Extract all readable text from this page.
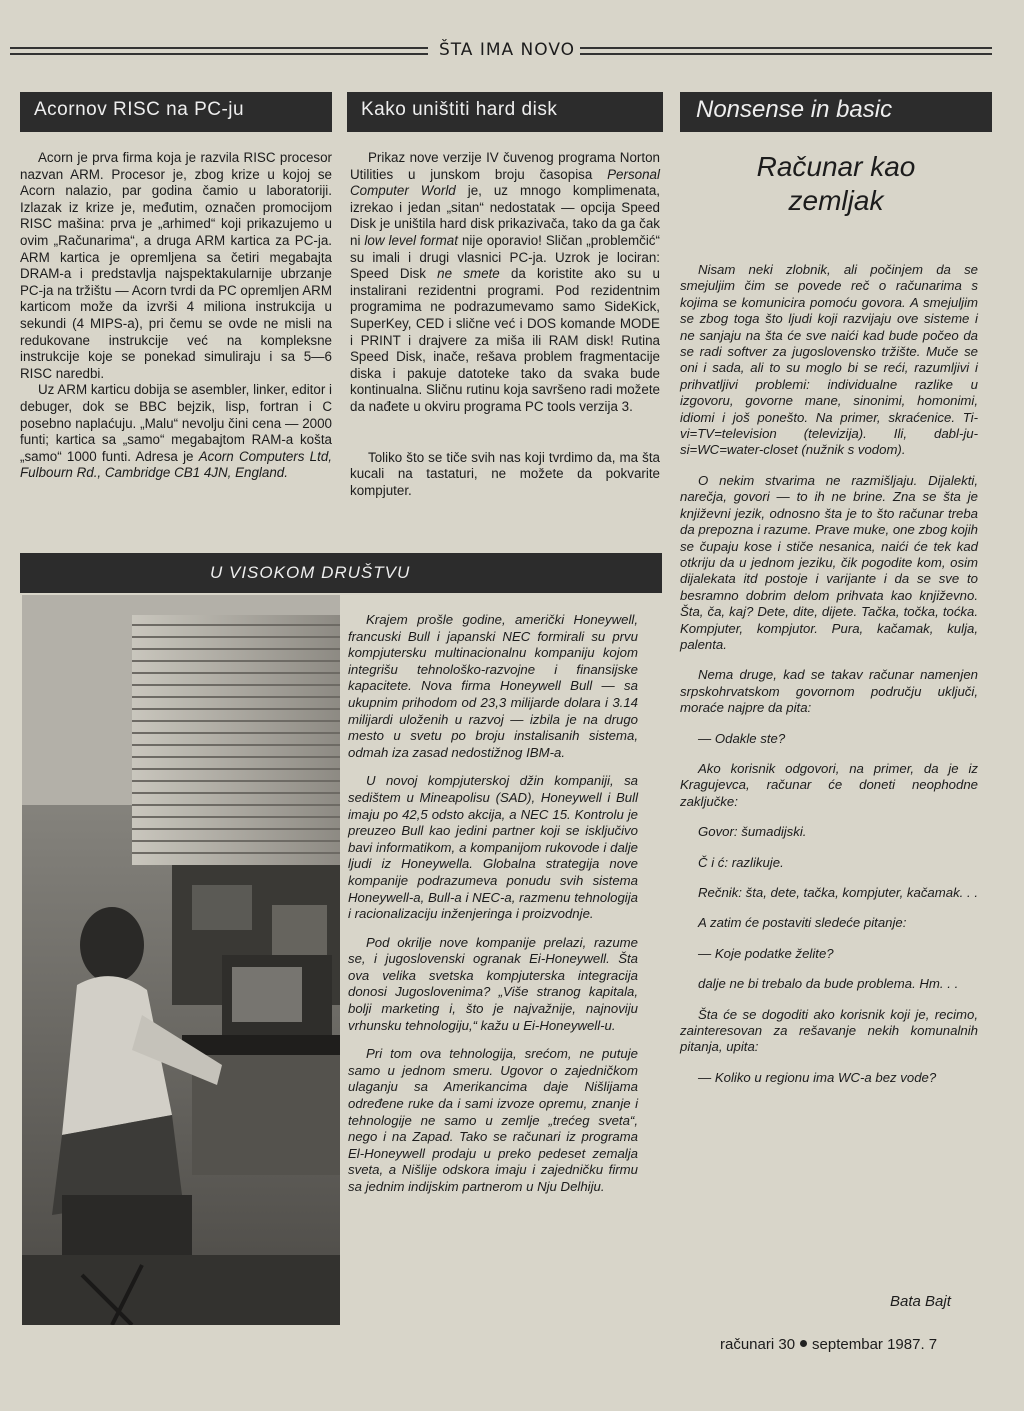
ŠTA IMA NOVO
Acornov RISC na PC-ju

Acorn je prva firma koja je razvila RISC procesor nazvan ARM. Procesor je, zbog krize u kojoj se Acorn nalazio, par godina čamio u laboratoriji. Izlazak iz krize je, međutim, označen promocijom RISC mašina: prva je „arhimed“ koji prikazujemo u ovim „Računarima“, a druga ARM kartica za PC-ja. ARM kartica je opremljena sa četiri megabajta DRAM-a i predstavlja najspektakularnije ubrzanje PC-ja na tržištu — Acorn tvrdi da PC opremljen ARM karticom može da izvrši 4 miliona instrukcija u sekundi (4 MIPS-a), pri čemu se ovde ne misli na redukovane instrukcije već na kompleksne instrukcije koje se ponekad simuliraju i sa 5—6 RISC naredbi.

Uz ARM karticu dobija se asembler, linker, editor i debuger, dok se BBC bejzik, lisp, fortran i C posebno naplaćuju. „Malu“ nevolju čini cena — 2000 funti; kartica sa „samo“ megabajtom RAM-a košta „samo“ 1000 funti. Adresa je Acorn Computers Ltd, Fulbourn Rd., Cambridge CB1 4JN, England.

Kako uništiti hard disk

Prikaz nove verzije IV čuvenog programa Norton Utilities u junskom broju časopisa Personal Computer World je, uz mnogo komplimenata, izrekao i jedan „sitan“ nedostatak — opcija Speed Disk je uništila hard disk prikazivača, tako da ga čak ni low level format nije oporavio! Sličan „problemčić“ su imali i drugi vlasnici PC-ja. Uzrok je lociran: Speed Disk ne smete da koristite ako su u instalirani rezidentni programi. Pod rezidentnim programima ne podrazumevamo samo SideKick, SuperKey, CED i slične već i DOS komande MODE i PRINT i drajvere za miša ili RAM disk! Rutina Speed Disk, inače, rešava problem fragmentacije diska i pakuje datoteke tako da svaka bude kontinualna. Sličnu rutinu koja savršeno radi možete da nađete u okviru programa PC tools verzija 3.

Toliko što se tiče svih nas koji tvrdimo da, ma šta kucali na tastaturi, ne možete da pokvarite kompjuter.

Nonsense in basic
Računar kao zemljak

Nisam neki zlobnik, ali počinjem da se smejuljim čim se povede reč o računarima s kojima se komunicira pomoću govora. A smejuljim se zbog toga što ljudi koji razvijaju ove sisteme i ne sanjaju na šta će sve naići kad bude počeo da se radi softver za jugoslovensko tržište. Muče se oni i sada, ali to su moglo bi se reći, razumljivi i prihvatljivi problemi: individualne razlike u izgovoru, govorne mane, sinonimi, homonimi, idiomi i još ponešto. Na primer, skraćenice. Ti-vi=TV=television (televizija). Ili, dabl-ju-si=WC=water-closet (nužnik s vodom).

O nekim stvarima ne razmišljaju. Dijalekti, narečja, govori — to ih ne brine. Zna se šta je književni jezik, odnosno šta je to što računar treba da prepozna i razume. Prave muke, one zbog kojih se čupaju kose i stiče nesanica, naići će tek kad otkriju da u jednom jeziku, čik pogodite kom, osim dijalekata itd postoje i varijante i da se sve to besramno dobrim delom prihvata kao književno. Šta, ča, kaj? Dete, dite, dijete. Tačka, točka, toćka. Kompjuter, kompjutor. Pura, kačamak, kulja, palenta.

Nema druge, kad se takav računar namenjen srpskohrvatskom govornom području uključi, moraće najpre da pita:

— Odakle ste?

Ako korisnik odgovori, na primer, da je iz Kragujevca, računar će doneti neophodne zaključke:

Govor: šumadijski.

Č i ć: razlikuje.

Rečnik: šta, dete, tačka, kompjuter, kačamak. . .

A zatim će postaviti sledeće pitanje:

— Koje podatke želite?

dalje ne bi trebalo da bude problema. Hm. . .

Šta će se dogoditi ako korisnik koji je, recimo, zainteresovan za rešavanje nekih komunalnih pitanja, upita:

— Koliko u regionu ima WC-a bez vode?

Bata Bajt
U VISOKOM DRUŠTVU

Krajem prošle godine, američki Honeywell, francuski Bull i japanski NEC formirali su prvu kompjutersku multinacionalnu kompaniju kojom integrišu tehnološko-razvojne i finansijske kapacitete. Nova firma Honeywell Bull — sa ukupnim prihodom od 23,3 milijarde dolara i 3.14 milijardi uloženih u razvoj — izbila je na drugo mesto u svetu po broju instalisanih sistema, odmah iza zasad nedostižnog IBM-a.

U novoj kompjuterskoj džin kompaniji, sa sedištem u Mineapolisu (SAD), Honeywell i Bull imaju po 42,5 odsto akcija, a NEC 15. Kontrolu je preuzeo Bull kao jedini partner koji se isključivo bavi informatikom, a kompanijom rukovode i dalje ljudi iz Honeywella. Globalna strategija nove kompanije podrazumeva ponudu svih sistema Honeywell-a, Bull-a i NEC-a, razmenu tehnologija i racionalizaciju inženjeringa i proizvodnje.

Pod okrilje nove kompanije prelazi, razume se, i jugoslovenski ogranak Ei-Honeywell. Šta ova velika svetska kompjuterska integracija donosi Jugoslovenima? „Više stranog kapitala, bolji marketing i, što je najvažnije, najnoviju vrhunsku tehnologiju,“ kažu u Ei-Honeywell-u.

Pri tom ova tehnologija, srećom, ne putuje samo u jednom smeru. Ugovor o zajedničkom ulaganju sa Amerikancima daje Nišlijama određene ruke da i sami izvoze opremu, znanje i tehnologije ne samo u zemlje „trećeg sveta“, nego i na Zapad. Tako se računari iz programa El-Honeywell prodaju u preko pedeset zemalja sveta, a Nišlije odskora imaju i zajedničku firmu sa jednim indijskim partnerom u Nju Delhiju.

računari 30 septembar 1987. 7
